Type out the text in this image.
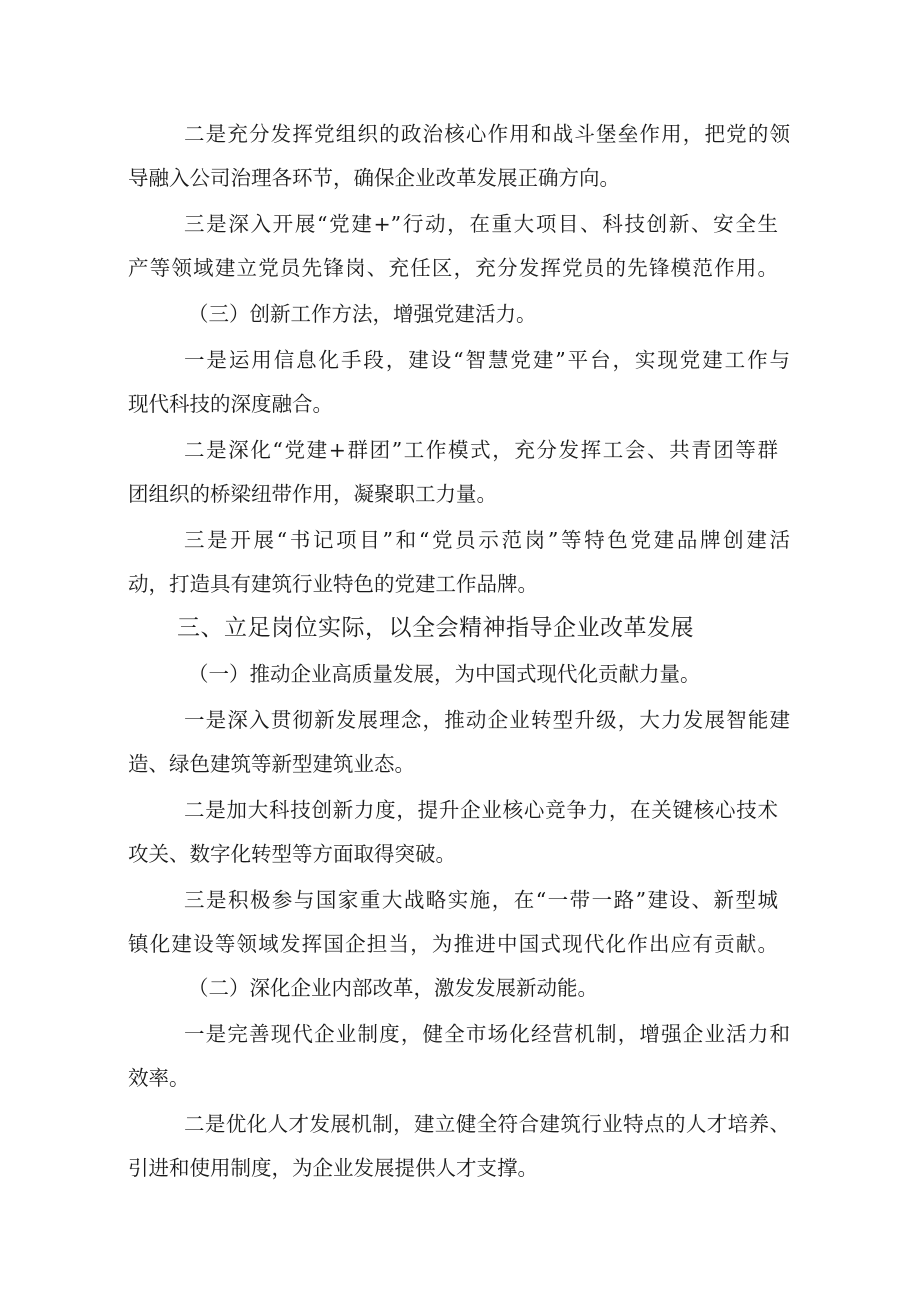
二是充分发挥党组织的政治核心作用和战斗堡垒作用，把党的领
导融入公司治理各环节，确保企业改革发展正确方向。
三是深入开展“党建+”行动，在重大项目、科技创新、安全生
产等领域建立党员先锋岗、充任区，充分发挥党员的先锋模范作用。
（三）创新工作方法，增强党建活力。
一是运用信息化手段，建设“智慧党建”平台，实现党建工作与
现代科技的深度融合。
二是深化“党建+群团”工作模式，充分发挥工会、共青团等群
团组织的桥梁纽带作用，凝聚职工力量。
三是开展“书记项目”和“党员示范岗”等特色党建品牌创建活
动，打造具有建筑行业特色的党建工作品牌。
三、立足岗位实际，以全会精神指导企业改革发展
（一）推动企业高质量发展，为中国式现代化贡献力量。
一是深入贯彻新发展理念，推动企业转型升级，大力发展智能建
造、绿色建筑等新型建筑业态。
二是加大科技创新力度，提升企业核心竞争力，在关键核心技术
攻关、数字化转型等方面取得突破。
三是积极参与国家重大战略实施，在“一带一路”建设、新型城
镇化建设等领域发挥国企担当，为推进中国式现代化作出应有贡献。
（二）深化企业内部改革，激发发展新动能。
一是完善现代企业制度，健全市场化经营机制，增强企业活力和
效率。
二是优化人才发展机制，建立健全符合建筑行业特点的人才培养、
引进和使用制度，为企业发展提供人才支撑。
